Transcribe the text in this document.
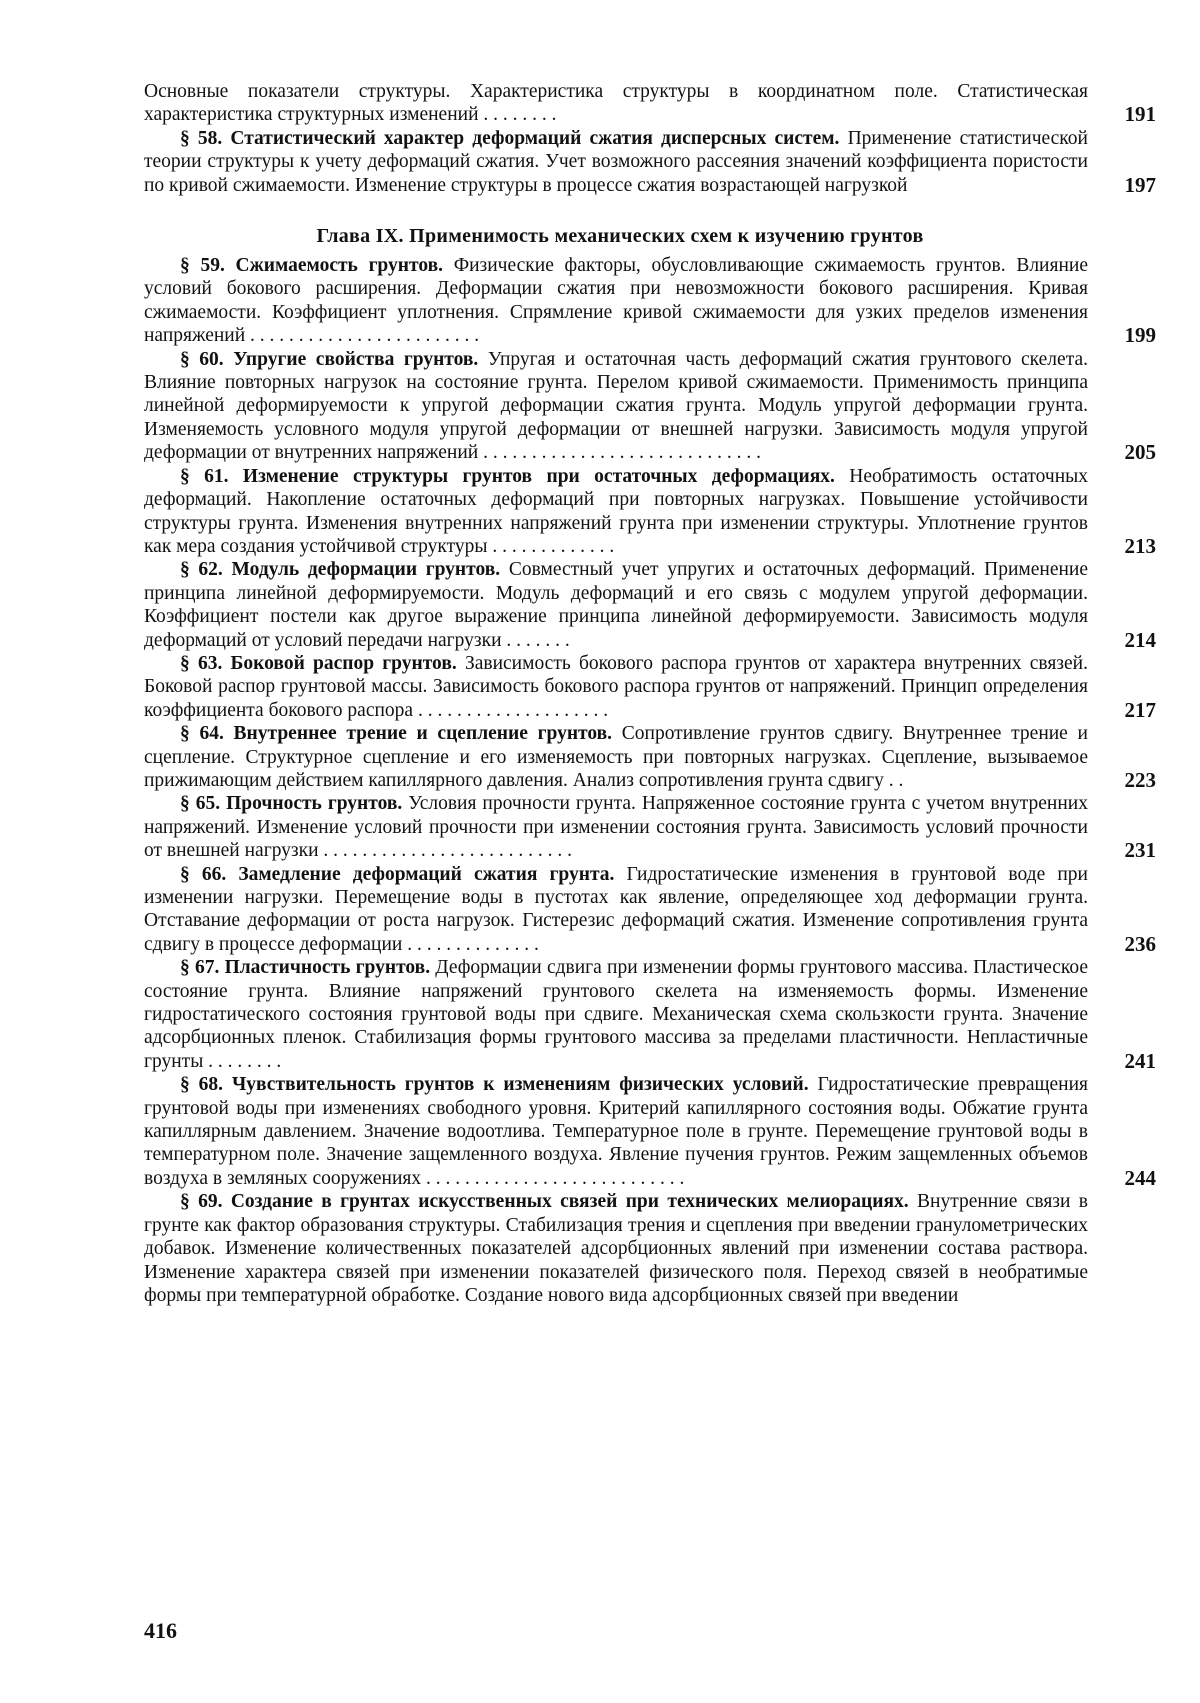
Основные показатели структуры. Характеристика структуры в координатном поле. Статистическая характеристика структурных изменений . . . . . . . .	191
§ 58. Статистический характер деформаций сжатия дисперсных систем. Применение статистической теории структуры к учету деформаций сжатия. Учет возможного рассеяния значений коэффициента пористости по кривой сжимаемости. Изменение структуры в процессе сжатия возрастающей нагрузкой	197
Глава IX. Применимость механических схем к изучению грунтов
§ 59. Сжимаемость грунтов. Физические факторы, обусловливающие сжимаемость грунтов. Влияние условий бокового расширения. Деформации сжатия при невозможности бокового расширения. Кривая сжимаемости. Коэффициент уплотнения. Спрямление кривой сжимаемости для узких пределов изменения напряжений . . . . . . . . . . . . . . . . . . . . . . . .	199
§ 60. Упругие свойства грунтов. Упругая и остаточная часть деформаций сжатия грунтового скелета. Влияние повторных нагрузок на состояние грунта. Перелом кривой сжимаемости. Применимость принципа линейной деформируемости к упругой деформации сжатия грунта. Модуль упругой деформации грунта. Изменяемость условного модуля упругой деформации от внешней нагрузки. Зависимость модуля упругой деформации от внутренних напряжений . . . . . . . . . . . . . . . . . . . . . . . . . . . . .	205
§ 61. Изменение структуры грунтов при остаточных деформациях. Необратимость остаточных деформаций. Накопление остаточных деформаций при повторных нагрузках. Повышение устойчивости структуры грунта. Изменения внутренних напряжений грунта при изменении структуры. Уплотнение грунтов как мера создания устойчивой структуры . . . . . . . . . . . . .	213
§ 62. Модуль деформации грунтов. Совместный учет упругих и остаточных деформаций. Применение принципа линейной деформируемости. Модуль деформаций и его связь с модулем упругой деформации. Коэффициент постели как другое выражение принципа линейной деформируемости. Зависимость модуля деформаций от условий передачи нагрузки . . . . . . .	214
§ 63. Боковой распор грунтов. Зависимость бокового распора грунтов от характера внутренних связей. Боковой распор грунтовой массы. Зависимость бокового распора грунтов от напряжений. Принцип определения коэффициента бокового распора . . . . . . . . . . . . . . . . . . . .	217
§ 64. Внутреннее трение и сцепление грунтов. Сопротивление грунтов сдвигу. Внутреннее трение и сцепление. Структурное сцепление и его изменяемость при повторных нагрузках. Сцепление, вызываемое прижимающим действием капиллярного давления. Анализ сопротивления грунта сдвигу . .	223
§ 65. Прочность грунтов. Условия прочности грунта. Напряженное состояние грунта с учетом внутренних напряжений. Изменение условий прочности при изменении состояния грунта. Зависимость условий прочности от внешней нагрузки . . . . . . . . . . . . . . . . . . . . . . . . . .	231
§ 66. Замедление деформаций сжатия грунта. Гидростатические изменения в грунтовой воде при изменении нагрузки. Перемещение воды в пустотах как явление, определяющее ход деформации грунта. Отставание деформации от роста нагрузок. Гистерезис деформаций сжатия. Изменение сопротивления грунта сдвигу в процессе деформации . . . . . . . . . . . . . .	236
§ 67. Пластичность грунтов. Деформации сдвига при изменении формы грунтового массива. Пластическое состояние грунта. Влияние напряжений грунтового скелета на изменяемость формы. Изменение гидростатического состояния грунтовой воды при сдвиге. Механическая схема скользкости грунта. Значение адсорбционных пленок. Стабилизация формы грунтового массива за пределами пластичности. Непластичные грунты . . . . . . . .	241
§ 68. Чувствительность грунтов к изменениям физических условий. Гидростатические превращения грунтовой воды при изменениях свободного уровня. Критерий капиллярного состояния воды. Обжатие грунта капиллярным давлением. Значение водоотлива. Температурное поле в грунте. Перемещение грунтовой воды в температурном поле. Значение защемленного воздуха. Явление пучения грунтов. Режим защемленных объемов воздуха в земляных сооружениях . . . . . . . . . . . . . . . . . . . . . . . . . . .	244
§ 69. Создание в грунтах искусственных связей при технических мелиорациях. Внутренние связи в грунте как фактор образования структуры. Стабилизация трения и сцепления при введении гранулометрических добавок. Изменение количественных показателей адсорбционных явлений при изменении состава раствора. Изменение характера связей при изменении показателей физического поля. Переход связей в необратимые формы при температурной обработке. Создание нового вида адсорбционных связей при введении
416
